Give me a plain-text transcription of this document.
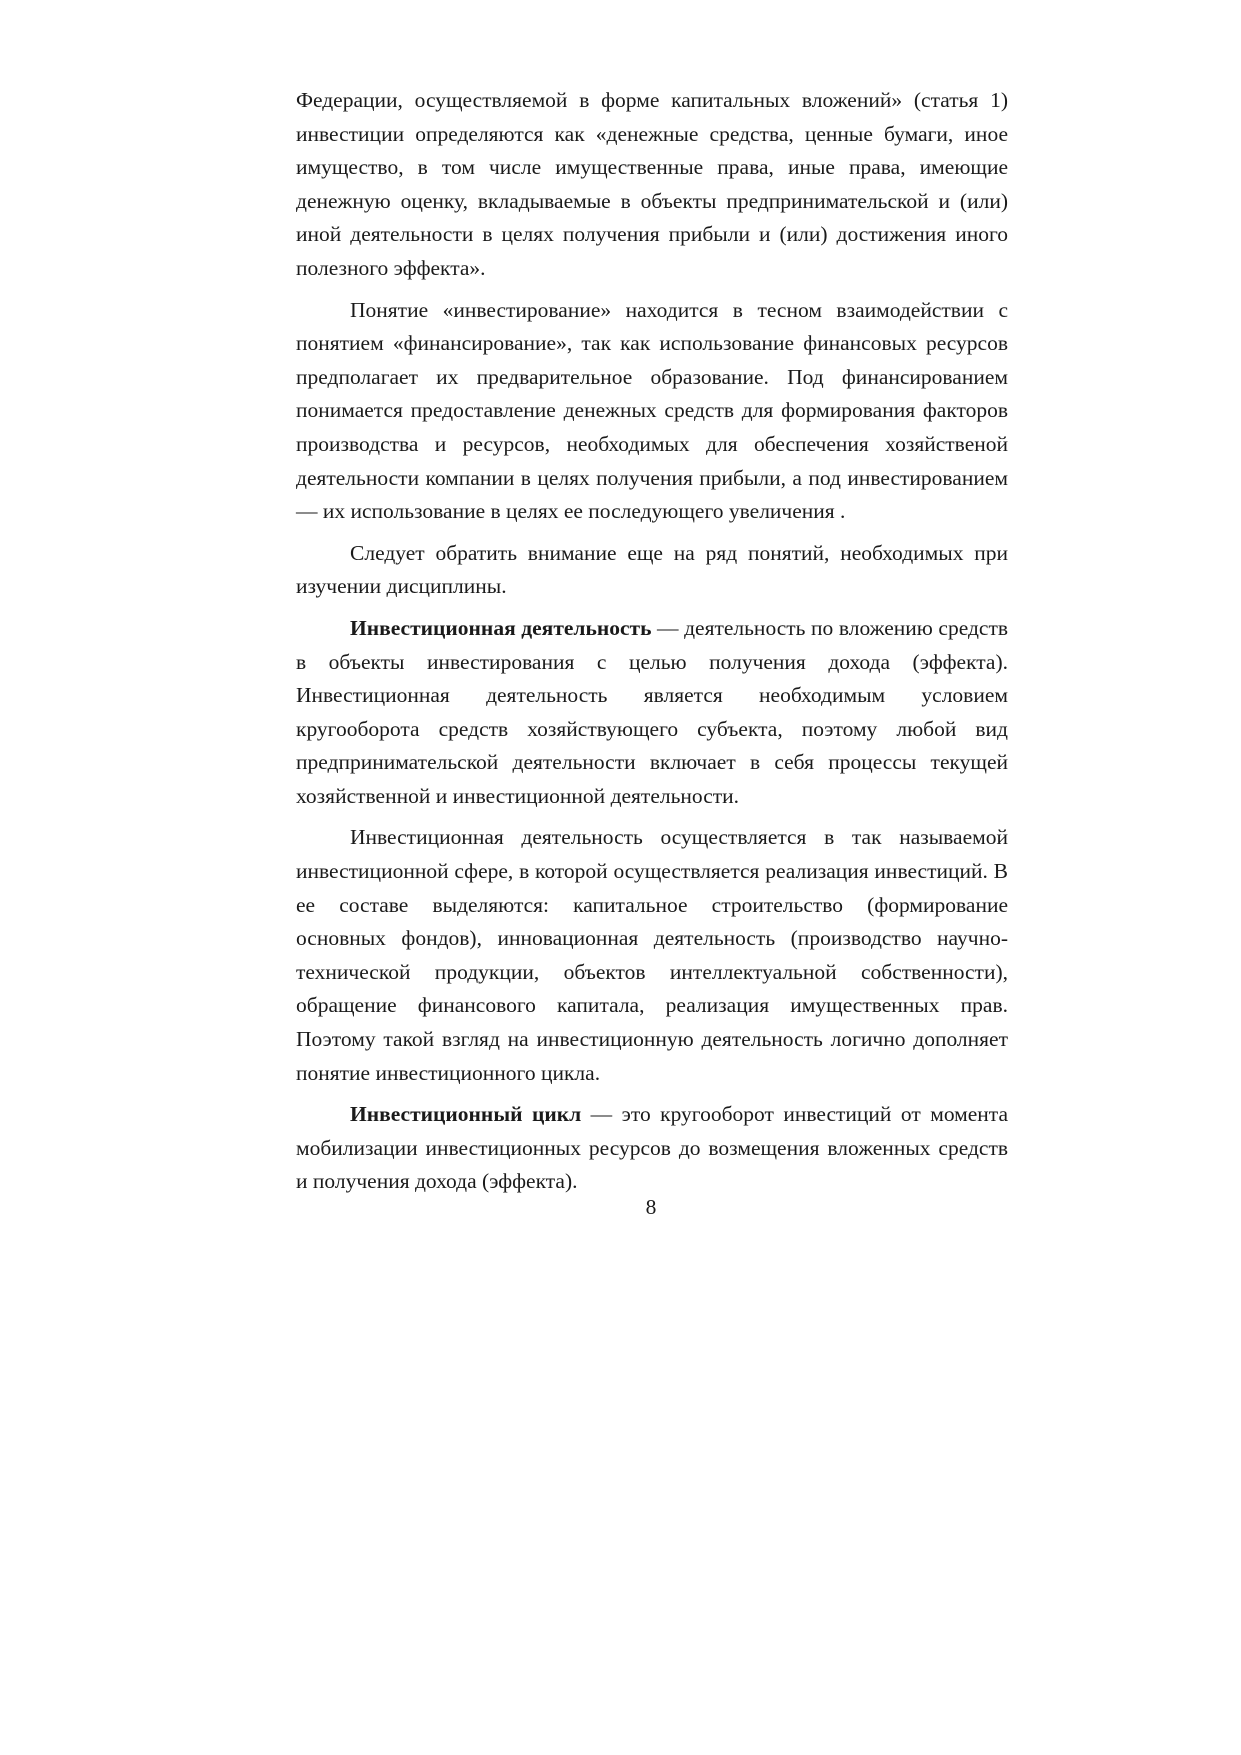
Федерации, осуществляемой в форме капитальных вложений» (статья 1) инвестиции определяются как «денежные средства, ценные бумаги, иное имущество, в том числе имущественные права, иные права, имеющие денежную оценку, вкладываемые в объекты предпринимательской и (или) иной деятельности в целях получения прибыли и (или) достижения иного полезного эффекта».

Понятие «инвестирование» находится в тесном взаимодействии с понятием «финансирование», так как использование финансовых ресурсов предполагает их предварительное образование. Под финансированием понимается предоставление денежных средств для формирования факторов производства и ресурсов, необходимых для обеспечения хозяйственой деятельности компании в целях получения прибыли, а под инвестированием — их использование в целях ее последующего увеличения .

Следует обратить внимание еще на ряд понятий, необходимых при изучении дисциплины.

Инвестиционная деятельность — деятельность по вложению средств в объекты инвестирования с целью получения дохода (эффекта). Инвестиционная деятельность является необходимым условием кругооборота средств хозяйствующего субъекта, поэтому любой вид предпринимательской деятельности включает в себя процессы текущей хозяйственной и инвестиционной деятельности.

Инвестиционная деятельность осуществляется в так называемой инвестиционной сфере, в которой осуществляется реализация инвестиций. В ее составе выделяются: капитальное строительство (формирование основных фондов), инновационная деятельность (производство научно-технической продукции, объектов интеллектуальной собственности), обращение финансового капитала, реализация имущественных прав. Поэтому такой взгляд на инвестиционную деятельность логично дополняет понятие инвестиционного цикла.

Инвестиционный цикл — это кругооборот инвестиций от момента мобилизации инвестиционных ресурсов до возмещения вложенных средств и получения дохода (эффекта).

8
